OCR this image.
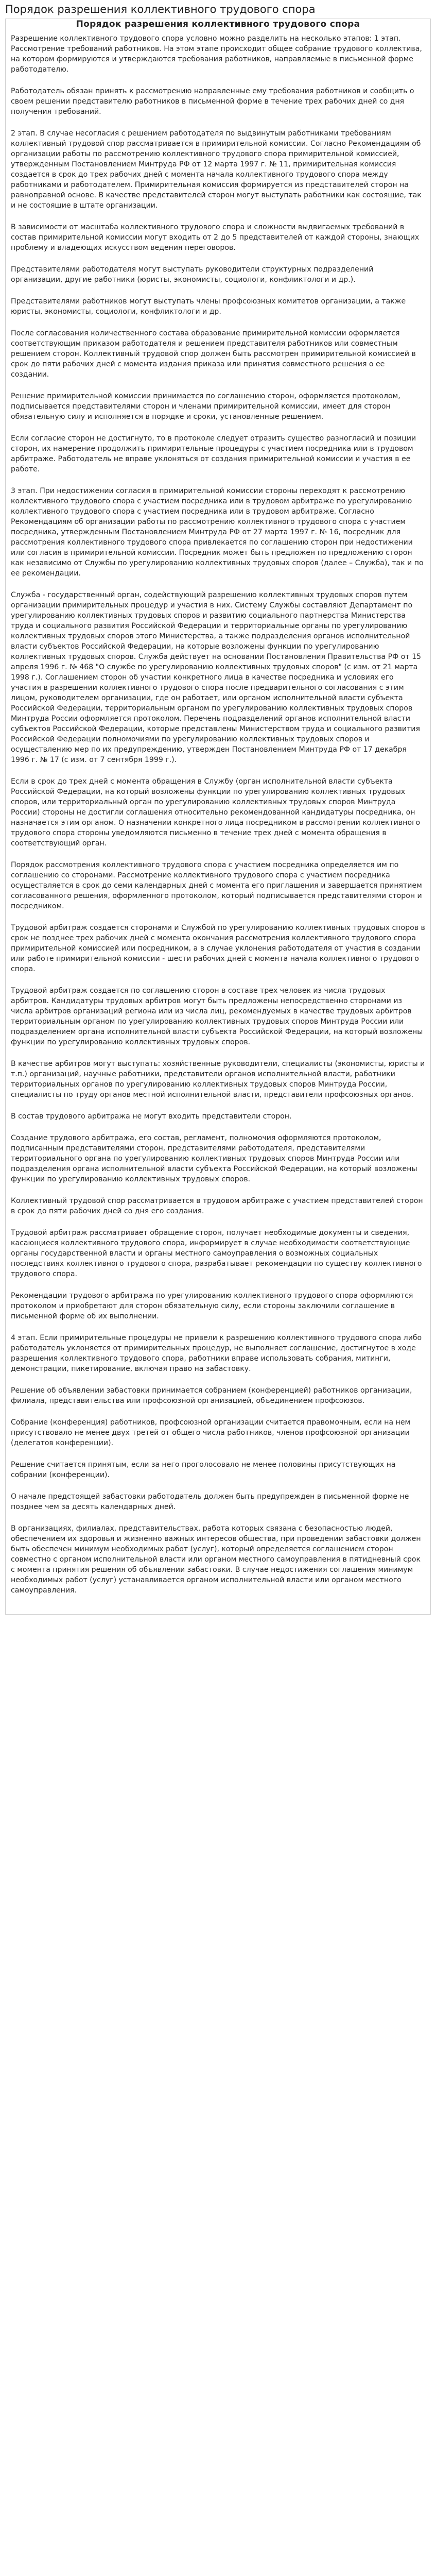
Порядок разрешения коллективного трудового спора
Порядок разрешения коллективного трудового спора

Разрешение коллективного трудового спора условно можно разделить на несколько этапов: 1 этап. Рассмотрение требований работников. На этом этапе происходит общее собрание трудового коллектива, на котором формируются и утверждаются требования работников, направляемые в письменной форме работодателю.

Работодатель обязан принять к рассмотрению направленные ему требования работников и сообщить о своем решении представителю работников в письменной форме в течение трех рабочих дней со дня получения требований.

2 этап. В случае несогласия с решением работодателя по выдвинутым работниками требованиям коллективный трудовой спор рассматривается в примирительной комиссии. Согласно Рекомендациям об организации работы по рассмотрению коллективного трудового спора примирительной комиссией, утвержденным Постановлением Минтруда РФ от 12 марта 1997 г. № 11, примирительная комиссия создается в срок до трех рабочих дней с момента начала коллективного трудового спора между работниками и работодателем. Примирительная комиссия формируется из представителей сторон на равноправной основе. В качестве представителей сторон могут выступать работники как состоящие, так и не состоящие в штате организации.

В зависимости от масштаба коллективного трудового спора и сложности выдвигаемых требований в состав примирительной комиссии могут входить от 2 до 5 представителей от каждой стороны, знающих проблему и владеющих искусством ведения переговоров.

Представителями работодателя могут выступать руководители структурных подразделений организации, другие работники (юристы, экономисты, социологи, конфликтологи и др.).

Представителями работников могут выступать члены профсоюзных комитетов организации, а также юристы, экономисты, социологи, конфликтологи и др.

После согласования количественного состава образование примирительной комиссии оформляется соответствующим приказом работодателя и решением представителя работников или совместным решением сторон. Коллективный трудовой спор должен быть рассмотрен примирительной комиссией в срок до пяти рабочих дней с момента издания приказа или принятия совместного решения о ее создании.

Решение примирительной комиссии принимается по соглашению сторон, оформляется протоколом, подписывается представителями сторон и членами примирительной комиссии, имеет для сторон обязательную силу и исполняется в порядке и сроки, установленные решением.

Если согласие сторон не достигнуто, то в протоколе следует отразить существо разногласий и позиции сторон, их намерение продолжить примирительные процедуры с участием посредника или в трудовом арбитраже. Работодатель не вправе уклоняться от создания примирительной комиссии и участия в ее работе.

3 этап. При недостижении согласия в примирительной комиссии стороны переходят к рассмотрению коллективного трудового спора с участием посредника или в трудовом арбитраже по урегулированию коллективного трудового спора с участием посредника или в трудовом арбитраже. Согласно Рекомендациям об организации работы по рассмотрению коллективного трудового спора с участием посредника, утвержденным Постановлением Минтруда РФ от 27 марта 1997 г. № 16, посредник для рассмотрения коллективного трудового спора привлекается по соглашению сторон при недостижении или согласия в примирительной комиссии. Посредник может быть предложен по предложению сторон как независимо от Службы по урегулированию коллективных трудовых споров (далее – Служба), так и по ее рекомендации.

Служба - государственный орган, содействующий разрешению коллективных трудовых споров путем организации примирительных процедур и участия в них. Систему Службы составляют Департамент по урегулированию коллективных трудовых споров и развитию социального партнерства Министерства труда и социального развития Российской Федерации и территориальные органы по урегулированию коллективных трудовых споров этого Министерства, а также подразделения органов исполнительной власти субъектов Российской Федерации, на которые возложены функции по урегулированию коллективных трудовых споров. Служба действует на основании Постановления Правительства РФ от 15 апреля 1996 г. № 468 "О службе по урегулированию коллективных трудовых споров" (с изм. от 21 марта 1998 г.). Соглашением сторон об участии конкретного лица в качестве посредника и условиях его участия в разрешении коллективного трудового спора после предварительного согласования с этим лицом, руководителем организации, где он работает, или органом исполнительной власти субъекта Российской Федерации, территориальным органом по урегулированию коллективных трудовых споров Минтруда России оформляется протоколом. Перечень подразделений органов исполнительной власти субъектов Российской Федерации, которые представлены Министерством труда и социального развития Российской Федерации полномочиями по урегулированию коллективных трудовых споров и осуществлению мер по их предупреждению, утвержден Постановлением Минтруда РФ от 17 декабря 1996 г. № 17 (с изм. от 7 сентября 1999 г.).

Если в срок до трех дней с момента обращения в Службу (орган исполнительной власти субъекта Российской Федерации, на который возложены функции по урегулированию коллективных трудовых споров, или территориальный орган по урегулированию коллективных трудовых споров Минтруда России) стороны не достигли соглашения относительно рекомендованной кандидатуры посредника, он назначается этим органом. О назначении конкретного лица посредником в рассмотрении коллективного трудового спора стороны уведомляются письменно в течение трех дней с момента обращения в соответствующий орган.

Порядок рассмотрения коллективного трудового спора с участием посредника определяется им по соглашению со сторонами. Рассмотрение коллективного трудового спора с участием посредника осуществляется в срок до семи календарных дней с момента его приглашения и завершается принятием согласованного решения, оформленного протоколом, который подписывается представителями сторон и посредником.

Трудовой арбитраж создается сторонами и Службой по урегулированию коллективных трудовых споров в срок не позднее трех рабочих дней с момента окончания рассмотрения коллективного трудового спора примирительной комиссией или посредником, а в случае уклонения работодателя от участия в создании или работе примирительной комиссии - шести рабочих дней с момента начала коллективного трудового спора.

Трудовой арбитраж создается по соглашению сторон в составе трех человек из числа трудовых арбитров. Кандидатуры трудовых арбитров могут быть предложены непосредственно сторонами из числа арбитров организаций региона или из числа лиц, рекомендуемых в качестве трудовых арбитров территориальным органом по урегулированию коллективных трудовых споров Минтруда России или подразделением органа исполнительной власти субъекта Российской Федерации, на который возложены функции по урегулированию коллективных трудовых споров.

В качестве арбитров могут выступать: хозяйственные руководители, специалисты (экономисты, юристы и т.п.) организаций, научные работники, представители органов исполнительной власти, работники территориальных органов по урегулированию коллективных трудовых споров Минтруда России, специалисты по труду органов местной исполнительной власти, представители профсоюзных органов.

В состав трудового арбитража не могут входить представители сторон.

Создание трудового арбитража, его состав, регламент, полномочия оформляются протоколом, подписанным представителями сторон, представителями работодателя, представителями территориального органа по урегулированию коллективных трудовых споров Минтруда России или подразделения органа исполнительной власти субъекта Российской Федерации, на который возложены функции по урегулированию коллективных трудовых споров.

Коллективный трудовой спор рассматривается в трудовом арбитраже с участием представителей сторон в срок до пяти рабочих дней со дня его создания.

Трудовой арбитраж рассматривает обращение сторон, получает необходимые документы и сведения, касающиеся коллективного трудового спора, информирует в случае необходимости соответствующие органы государственной власти и органы местного самоуправления о возможных социальных последствиях коллективного трудового спора, разрабатывает рекомендации по существу коллективного трудового спора.

Рекомендации трудового арбитража по урегулированию коллективного трудового спора оформляются протоколом и приобретают для сторон обязательную силу, если стороны заключили соглашение в письменной форме об их выполнении.

4 этап. Если примирительные процедуры не привели к разрешению коллективного трудового спора либо работодатель уклоняется от примирительных процедур, не выполняет соглашение, достигнутое в ходе разрешения коллективного трудового спора, работники вправе использовать собрания, митинги, демонстрации, пикетирование, включая право на забастовку.

Решение об объявлении забастовки принимается собранием (конференцией) работников организации, филиала, представительства или профсоюзной организацией, объединением профсоюзов.

Собрание (конференция) работников, профсоюзной организации считается правомочным, если на нем присутствовало не менее двух третей от общего числа работников, членов профсоюзной организации (делегатов конференции).

Решение считается принятым, если за него проголосовало не менее половины присутствующих на собрании (конференции).

О начале предстоящей забастовки работодатель должен быть предупрежден в письменной форме не позднее чем за десять календарных дней.

В организациях, филиалах, представительствах, работа которых связана с безопасностью людей, обеспечением их здоровья и жизненно важных интересов общества, при проведении забастовки должен быть обеспечен минимум необходимых работ (услуг), который определяется соглашением сторон совместно с органом исполнительной власти или органом местного самоуправления в пятидневный срок с момента принятия решения об объявлении забастовки. В случае недостижения соглашения минимум необходимых работ (услуг) устанавливается органом исполнительной власти или органом местного самоуправления.
